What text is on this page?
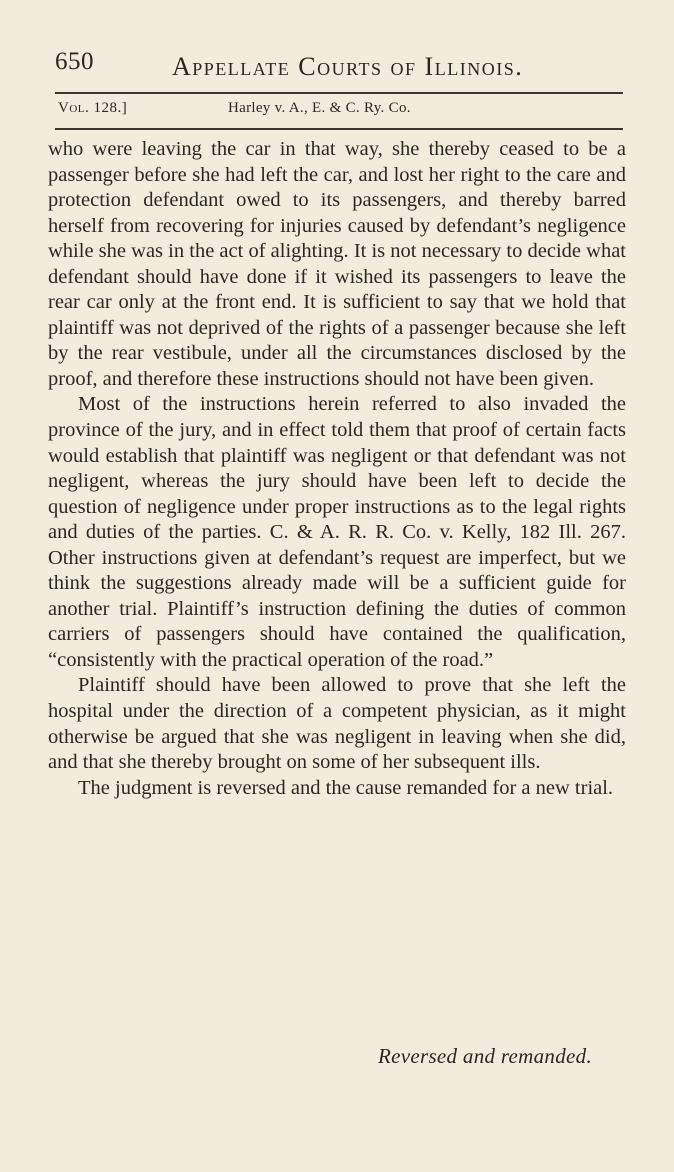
650	Appellate Courts of Illinois.
Vol. 128.]	Harley v. A., E. & C. Ry. Co.

who were leaving the car in that way, she thereby ceased to be a passenger before she had left the car, and lost her right to the care and protection defendant owed to its passengers, and thereby barred herself from recovering for injuries caused by defendant’s negligence while she was in the act of alighting. It is not necessary to decide what defendant should have done if it wished its passengers to leave the rear car only at the front end. It is sufficient to say that we hold that plaintiff was not deprived of the rights of a passenger because she left by the rear vestibule, under all the circumstances disclosed by the proof, and therefore these instructions should not have been given.

Most of the instructions herein referred to also invaded the province of the jury, and in effect told them that proof of certain facts would establish that plaintiff was negligent or that defendant was not negligent, whereas the jury should have been left to decide the question of negligence under proper instructions as to the legal rights and duties of the parties. C. & A. R. R. Co. v. Kelly, 182 Ill. 267. Other instructions given at defendant’s request are imperfect, but we think the suggestions already made will be a sufficient guide for another trial. Plaintiff’s instruction defining the duties of common carriers of passengers should have contained the qualification, “consistently with the practical operation of the road.”

Plaintiff should have been allowed to prove that she left the hospital under the direction of a competent physician, as it might otherwise be argued that she was negligent in leaving when she did, and that she thereby brought on some of her subsequent ills.

The judgment is reversed and the cause remanded for a new trial.

Reversed and remanded.
